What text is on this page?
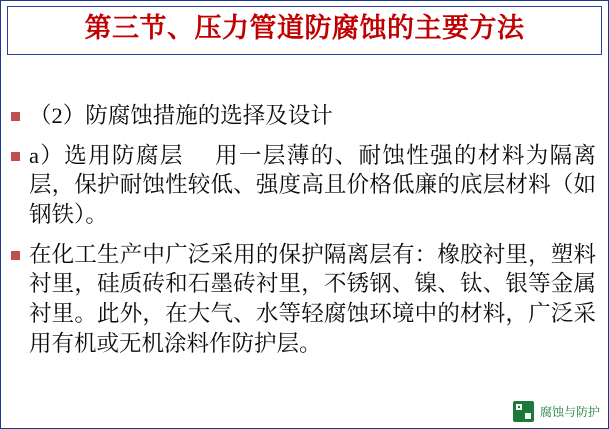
第三节、压力管道防腐蚀的主要方法
（2）防腐蚀措施的选择及设计
a）选用防腐层 用一层薄的、耐蚀性强的材料为隔离层，保护耐蚀性较低、强度高且价格低廉的底层材料（如钢铁）。
在化工生产中广泛采用的保护隔离层有：橡胶衬里，塑料衬里，硅质砖和石墨砖衬里，不锈钢、镍、钛、银等金属衬里。此外，在大气、水等轻腐蚀环境中的材料，广泛采用有机或无机涂料作防护层。
腐蚀与防护
